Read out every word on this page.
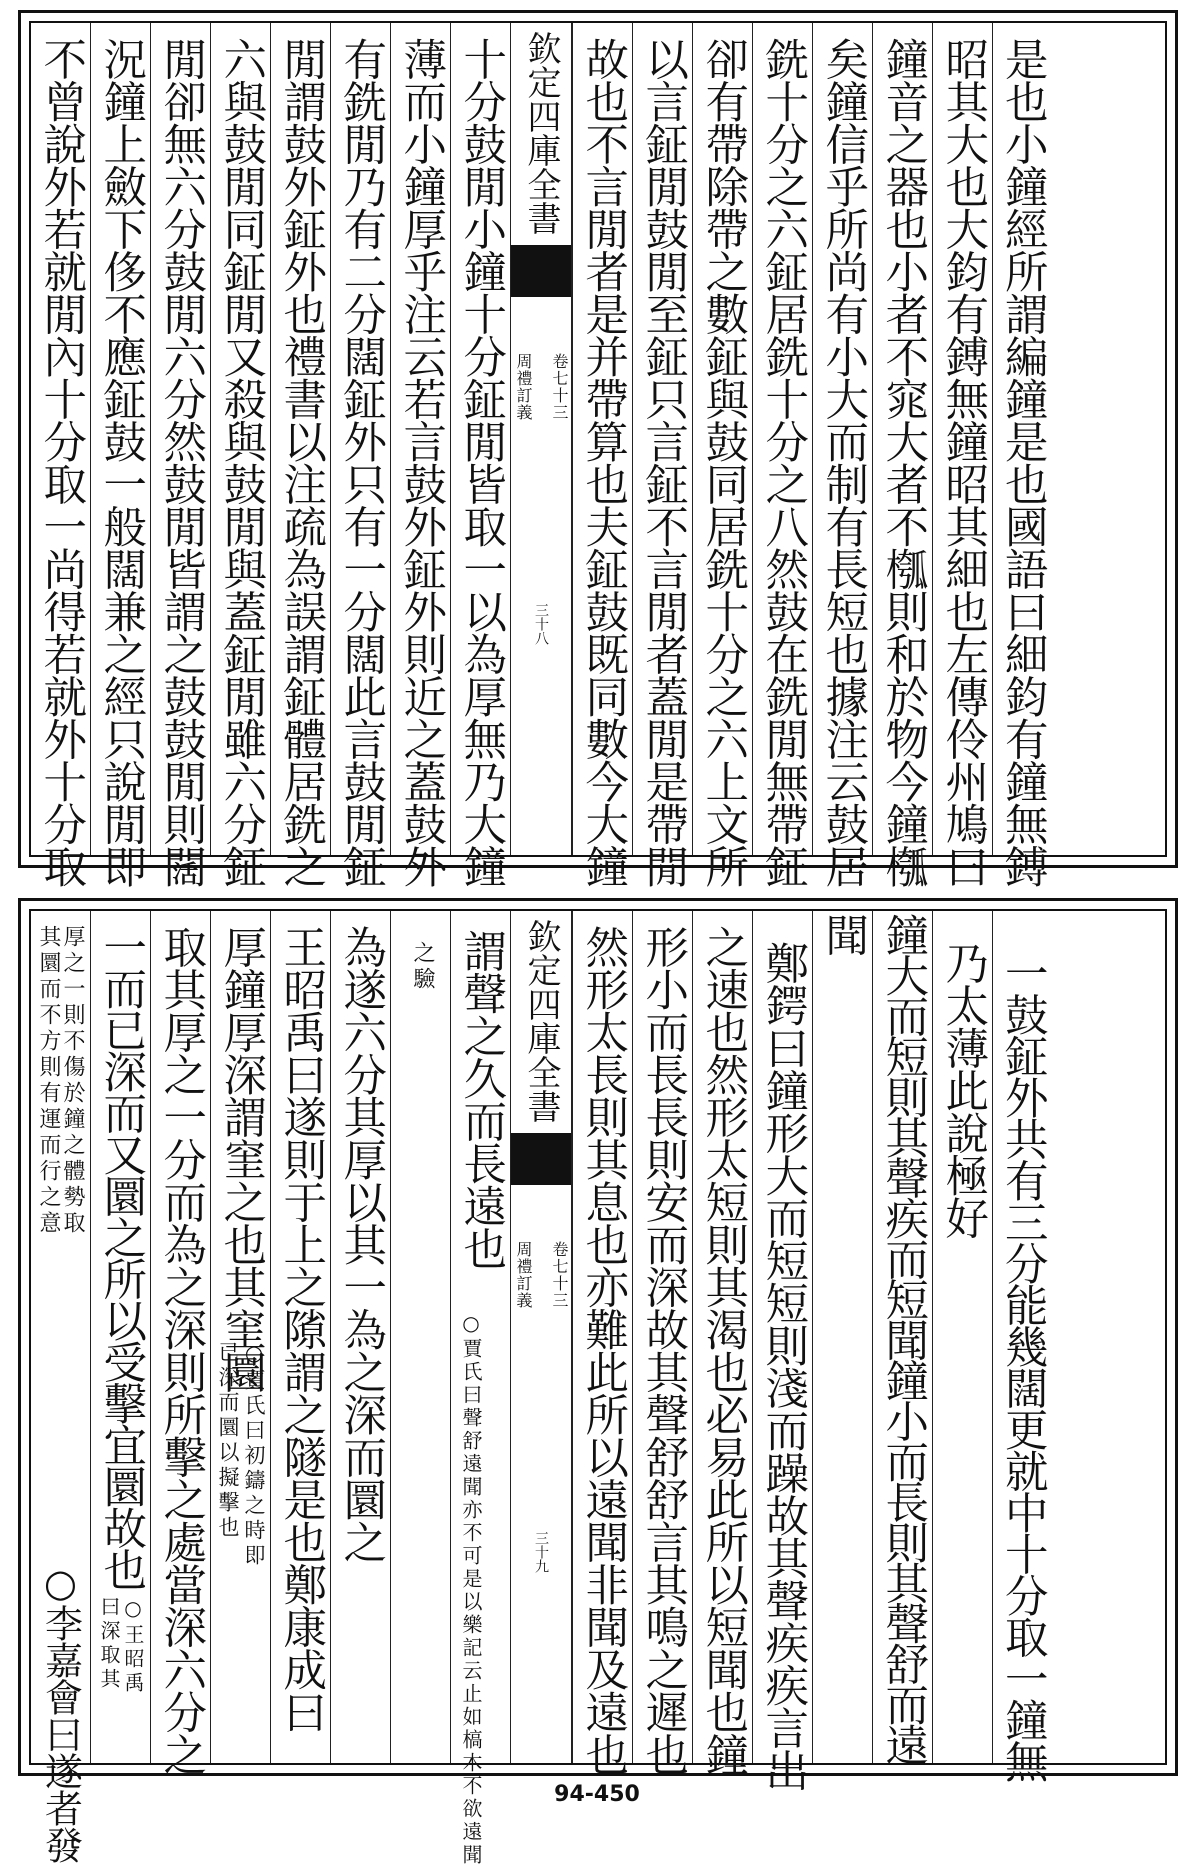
不曾說外若就閒內十分取一尚得若就外十分取 況鐘上斂下侈不應鉦鼓一般闊兼之經只說閒即 閒卻無六分鼓閒六分然鼓閒皆謂之鼓鼓閒則闊 六與鼓閒同鉦閒又殺與鼓閒與蓋鉦閒雖六分鉦 閒謂鼓外鉦外也禮書以注疏為誤謂鉦體居銑之 有銑閒乃有二分闊鉦外只有一分闊此言鼓閒鉦 薄而小鐘厚乎注云若言鼓外鉦外則近之蓋鼓外 十分鼓閒小鐘十分鉦閒皆取一以為厚無乃大鐘 欽定四庫全書
周禮訂義 卷七十三
三十八 故也不言閒者是并帶算也夫鉦鼓既同數今大鐘 以言鉦閒鼓閒至鉦只言鉦不言閒者蓋閒是帶閒 卻有帶除帶之數鉦與鼓同居銑十分之六上文所 銑十分之六鉦居銑十分之八然鼓在銑閒無帶鉦 矣鐘信乎所尚有小大而制有長短也據注云鼓居 鐘音之器也小者不窕大者不槬則和於物今鐘槬 昭其大也大鈞有鎛無鐘昭其細也左傳伶州鳩曰 是也小鐘經所謂編鐘是也國語曰細鈞有鐘無鎛
其圜而不方則有運而行之意 厚之一則不傷於鐘之體勢取
○李嘉會曰遂者發
一而已深而又圜之所以受擊宜圜故也
曰深取其 ○王昭禹 取其厚之一分而為之深則所擊之處當深六分之 厚鐘厚深謂窐之也其窐圜
已深而圜以擬擊也 ○賈氏曰初鑄之時即 王昭禹曰遂則于上之𨻶謂之隧是也鄭康成曰 為遂六分其厚以其一為之深而圜之 之驗 謂聲之久而長遠也
○賈氏曰聲舒遠聞亦不可是以樂記云止如槁木不欲遠聞
欽定四庫全書
周禮訂義 卷七十三
三十九 然形太長則其息也亦難此所以遠聞非聞及遠也 形小而長長則安而深故其聲舒舒言其鳴之遲也 之速也然形太短則其渴也必易此所以短聞也鐘 鄭鍔曰鐘形大而短短則淺而躁故其聲疾疾言出
聞 鐘大而短則其聲疾而短聞鐘小而長則其聲舒而遠 乃太薄此說極好 一鼓鉦外共有三分能幾闊更就中十分取一鐘無
94-450
